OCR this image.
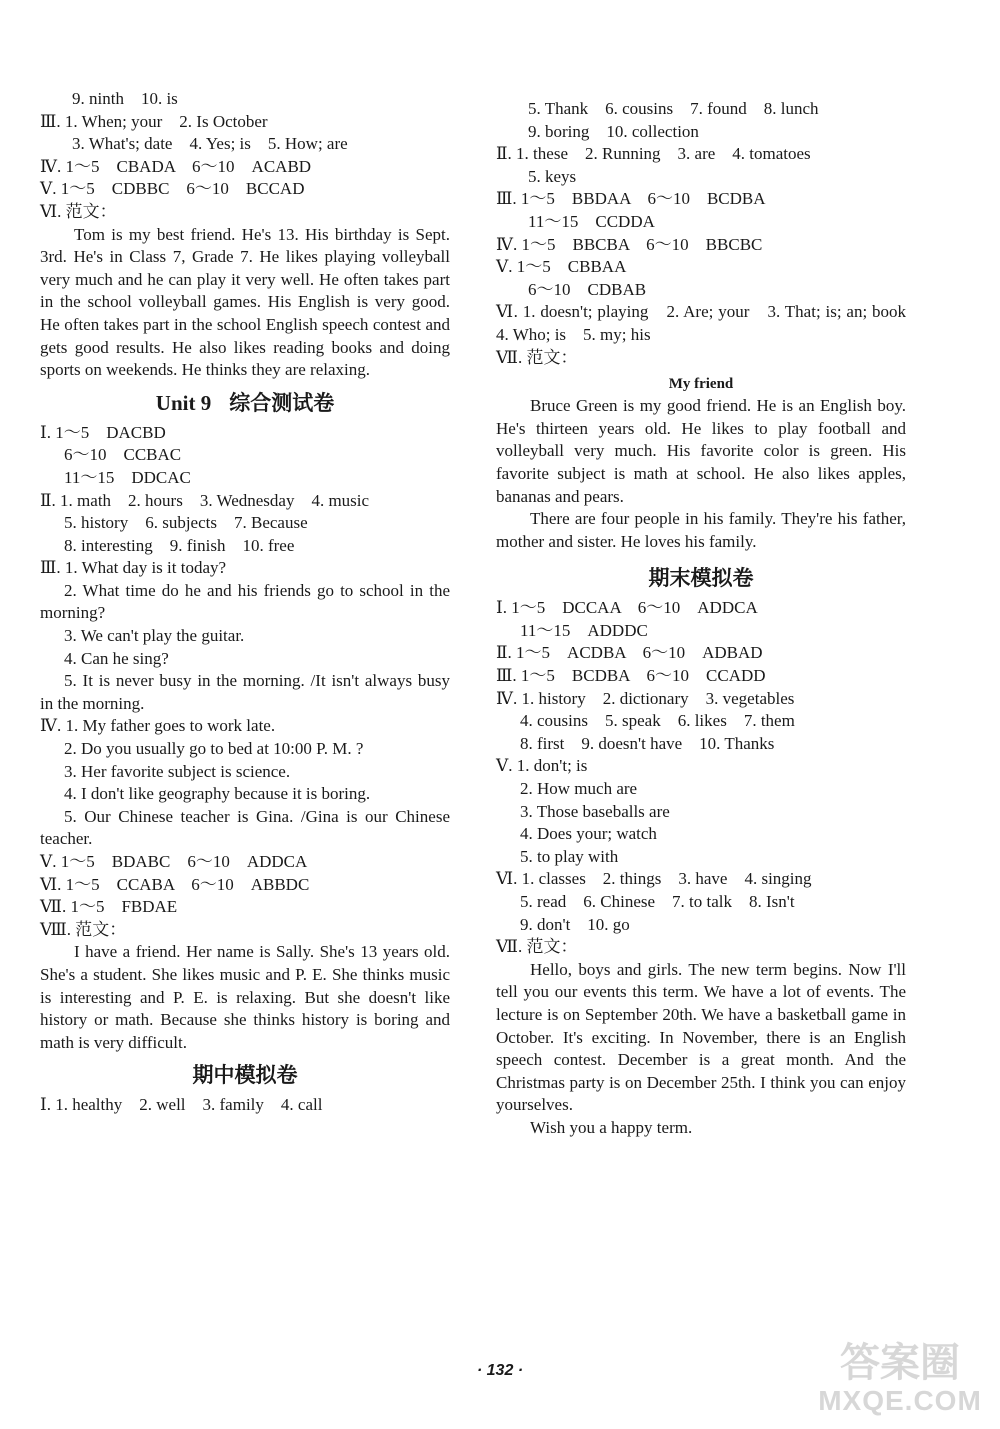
9. ninth　10. is
Ⅲ. 1. When; your　2. Is October
3. What's; date　4. Yes; is　5. How; are
Ⅳ. 1～5　CBADA　6～10　ACABD
Ⅴ. 1～5　CDBBC　6～10　BCCAD
Ⅵ. 范文：
Tom is my best friend. He's 13. His birthday is Sept. 3rd. He's in Class 7, Grade 7. He likes playing volleyball very much and he can play it very well. He often takes part in the school volleyball games. His English is very good. He often takes part in the school English speech contest and gets good results. He also likes reading books and doing sports on weekends. He thinks they are relaxing.
Unit 9 综合测试卷
Ⅰ. 1～5　DACBD
6～10　CCBAC
11～15　DDCAC
Ⅱ. 1. math　2. hours　3. Wednesday　4. music
5. history　6. subjects　7. Because
8. interesting　9. finish　10. free
Ⅲ. 1. What day is it today?
2. What time do he and his friends go to school in the morning?
3. We can't play the guitar.
4. Can he sing?
5. It is never busy in the morning. /It isn't always busy in the morning.
Ⅳ. 1. My father goes to work late.
2. Do you usually go to bed at 10:00 P. M. ?
3. Her favorite subject is science.
4. I don't like geography because it is boring.
5. Our Chinese teacher is Gina. /Gina is our Chinese teacher.
Ⅴ. 1～5　BDABC　6～10　ADDCA
Ⅵ. 1～5　CCABA　6～10　ABBDC
Ⅶ. 1～5　FBDAE
Ⅷ. 范文：
I have a friend. Her name is Sally. She's 13 years old. She's a student. She likes music and P. E. She thinks music is interesting and P. E. is relaxing. But she doesn't like history or math. Because she thinks history is boring and math is very difficult.
期中模拟卷
Ⅰ. 1. healthy　2. well　3. family　4. call
5. Thank　6. cousins　7. found　8. lunch
9. boring　10. collection
Ⅱ. 1. these　2. Running　3. are　4. tomatoes
5. keys
Ⅲ. 1～5　BBDAA　6～10　BCDBA
11～15　CCDDA
Ⅳ. 1～5　BBCBA　6～10　BBCBC
Ⅴ. 1～5　CBBAA
6～10　CDBAB
Ⅵ. 1. doesn't; playing　2. Are; your　3. That; is; an; book　4. Who; is　5. my; his
Ⅶ. 范文：
My friend
Bruce Green is my good friend. He is an English boy. He's thirteen years old. He likes to play football and volleyball very much. His favorite color is green. His favorite subject is math at school. He also likes apples, bananas and pears.
There are four people in his family. They're his father, mother and sister. He loves his family.
期末模拟卷
Ⅰ. 1～5　DCCAA　6～10　ADDCA
11～15　ADDDC
Ⅱ. 1～5　ACDBA　6～10　ADBAD
Ⅲ. 1～5　BCDBA　6～10　CCADD
Ⅳ. 1. history　2. dictionary　3. vegetables
4. cousins　5. speak　6. likes　7. them
8. first　9. doesn't have　10. Thanks
Ⅴ. 1. don't; is
2. How much are
3. Those baseballs are
4. Does your; watch
5. to play with
Ⅵ. 1. classes　2. things　3. have　4. singing
5. read　6. Chinese　7. to talk　8. Isn't
9. don't　10. go
Ⅶ. 范文：
Hello, boys and girls. The new term begins. Now I'll tell you our events this term. We have a lot of events. The lecture is on September 20th. We have a basketball game in October. It's exciting. In November, there is an English speech contest. December is a great month. And the Christmas party is on December 25th. I think you can enjoy yourselves.
Wish you a happy term.
· 132 ·	答案圈
MXQE.COM
